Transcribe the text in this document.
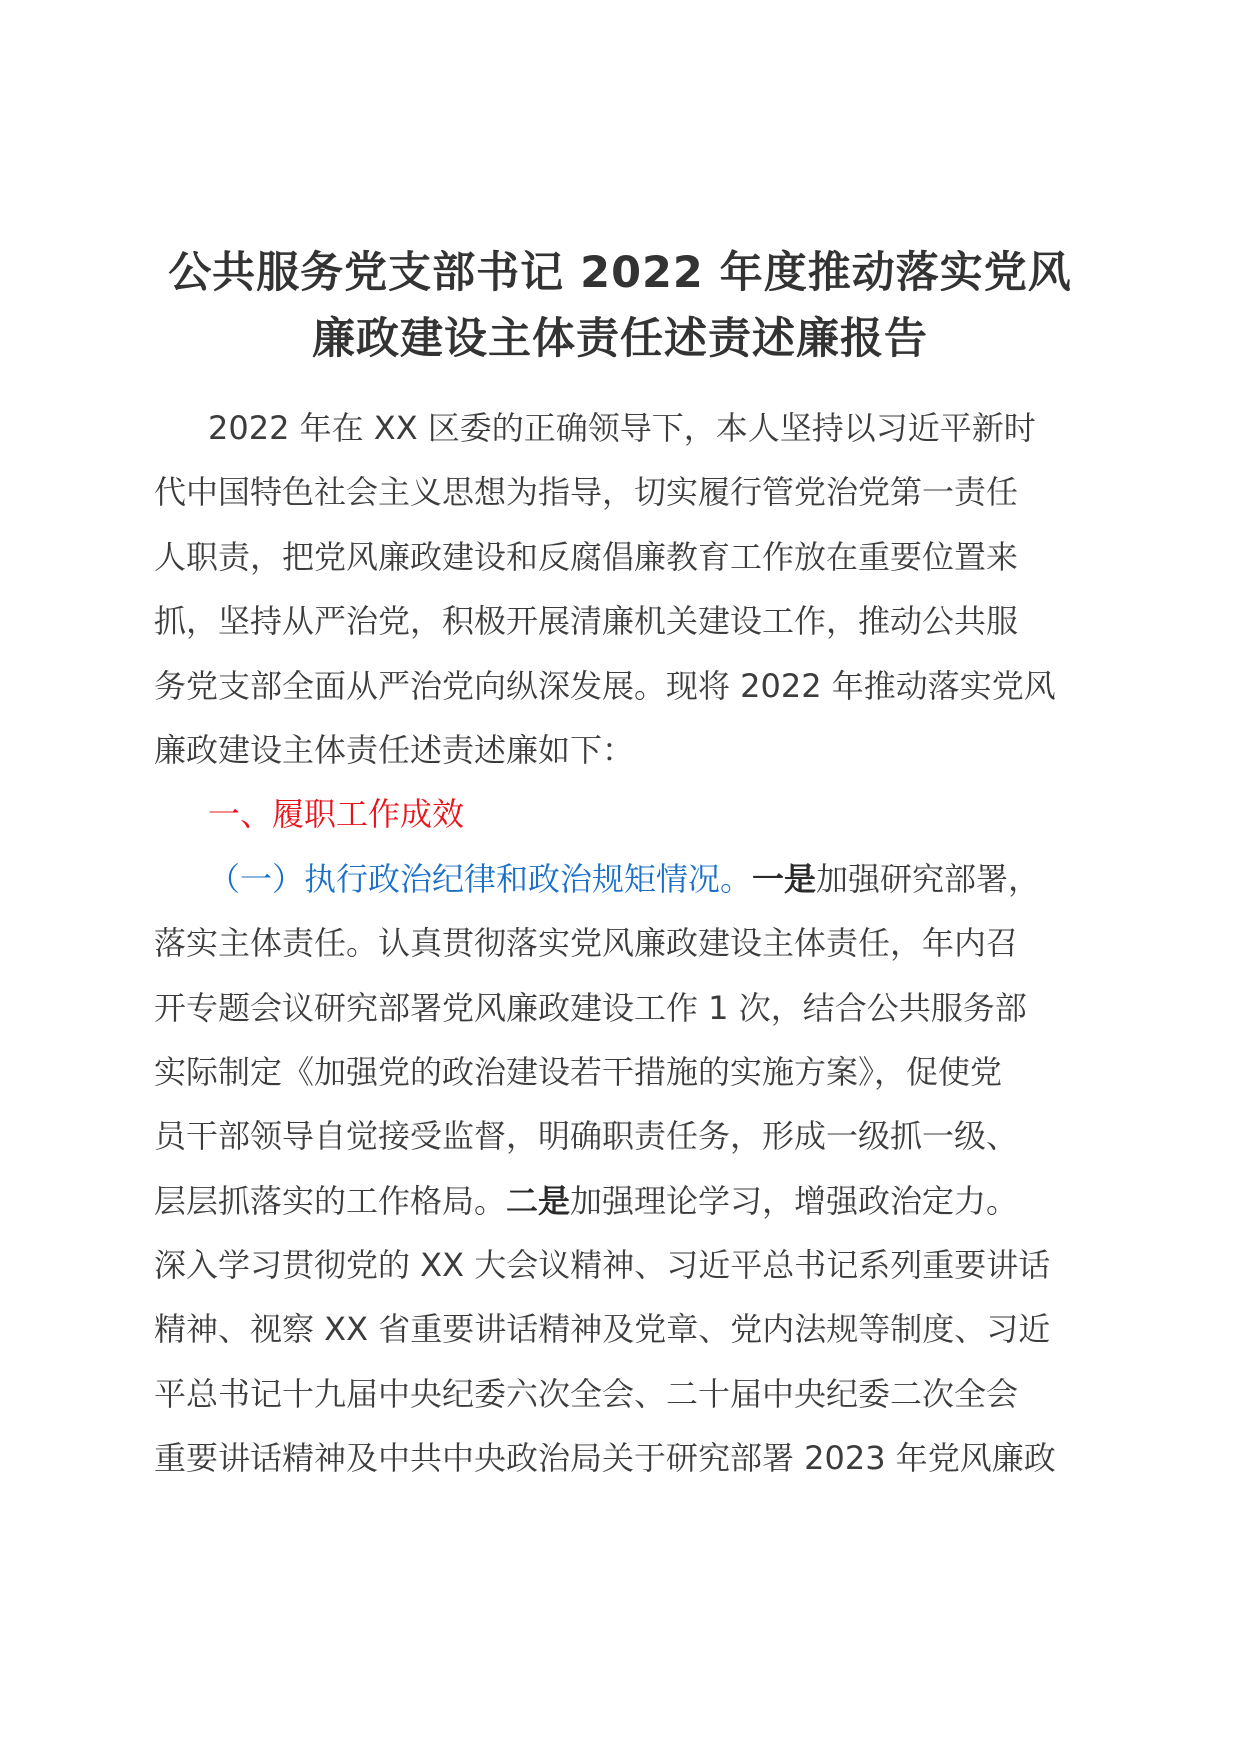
公共服务党支部书记 2022 年度推动落实党风
廉政建设主体责任述责述廉报告
2022 年在 XX 区委的正确领导下，本人坚持以习近平新时
代中国特色社会主义思想为指导，切实履行管党治党第一责任
人职责，把党风廉政建设和反腐倡廉教育工作放在重要位置来
抓，坚持从严治党，积极开展清廉机关建设工作，推动公共服
务党支部全面从严治党向纵深发展。现将 2022 年推动落实党风
廉政建设主体责任述责述廉如下：
一、履职工作成效
（一）执行政治纪律和政治规矩情况。一是加强研究部署，
落实主体责任。认真贯彻落实党风廉政建设主体责任，年内召
开专题会议研究部署党风廉政建设工作 1 次，结合公共服务部
实际制定《加强党的政治建设若干措施的实施方案》，促使党
员干部领导自觉接受监督，明确职责任务，形成一级抓一级、
层层抓落实的工作格局。二是加强理论学习，增强政治定力。
深入学习贯彻党的 XX 大会议精神、习近平总书记系列重要讲话
精神、视察 XX 省重要讲话精神及党章、党内法规等制度、习近
平总书记十九届中央纪委六次全会、二十届中央纪委二次全会
重要讲话精神及中共中央政治局关于研究部署 2023 年党风廉政
